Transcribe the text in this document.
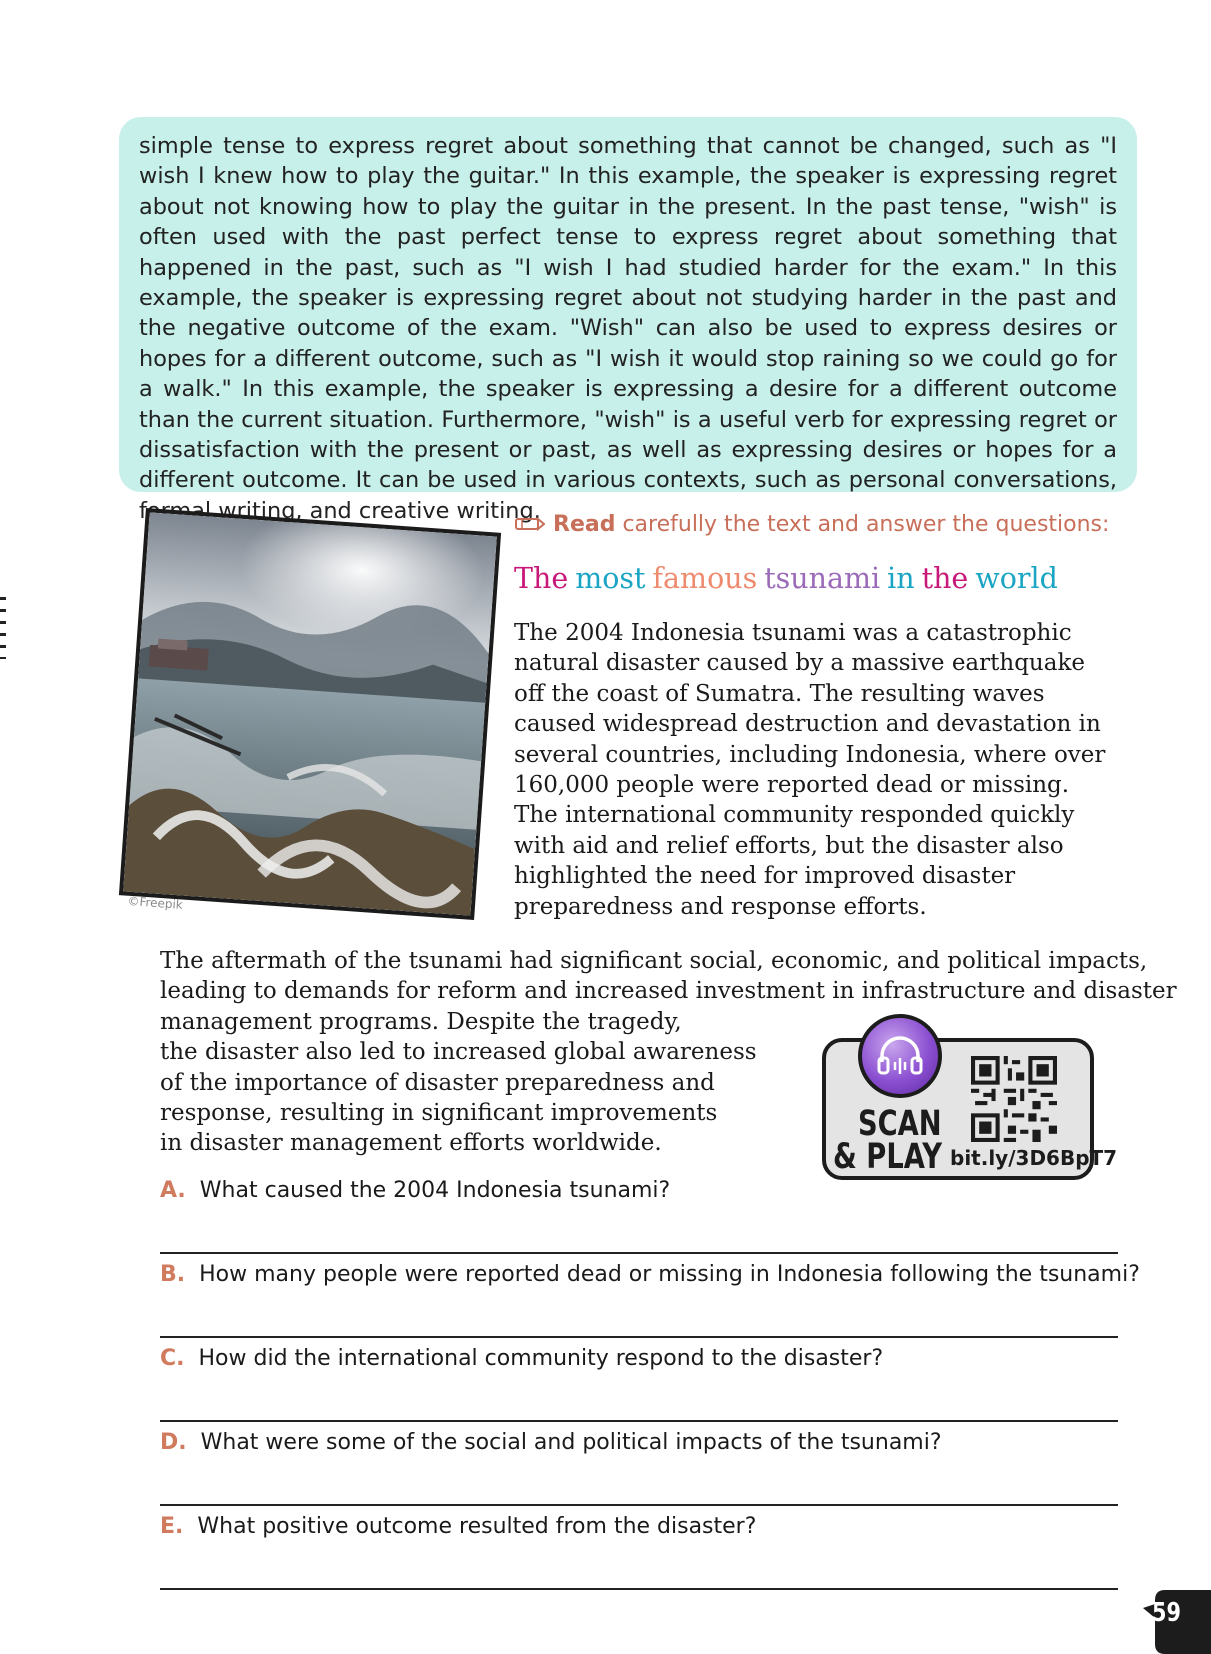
simple tense to express regret about something that cannot be changed, such as "I wish I knew how to play the guitar." In this example, the speaker is expressing regret about not knowing how to play the guitar in the present. In the past tense, "wish" is often used with the past perfect tense to express regret about something that happened in the past, such as "I wish I had studied harder for the exam." In this example, the speaker is expressing regret about not studying harder in the past and the negative outcome of the exam. "Wish" can also be used to express desires or hopes for a different outcome, such as "I wish it would stop raining so we could go for a walk." In this example, the speaker is expressing a desire for a different outcome than the current situation. Furthermore, "wish" is a useful verb for expressing regret or dissatisfaction with the present or past, as well as expressing desires or hopes for a different outcome. It can be used in various contexts, such as personal conversations, formal writing, and creative writing.

©Freepik
Read carefully the text and answer the questions:
The most famous tsunami in the world

The 2004 Indonesia tsunami was a catastrophic natural disaster caused by a massive earthquake off the coast of Sumatra. The resulting waves caused widespread destruction and devastation in several countries, including Indonesia, where over 160,000 people were reported dead or missing. The international community responded quickly with aid and relief efforts, but the disaster also highlighted the need for improved disaster preparedness and response efforts.

The aftermath of the tsunami had significant social, economic, and political impacts,
leading to demands for reform and increased investment in infrastructure and disaster
management programs. Despite the tragedy,
the disaster also led to increased global awareness
of the importance of disaster preparedness and
response, resulting in significant improvements
in disaster management efforts worldwide.	SCAN
& PLAY bit.ly/3D6BpT7
A. What caused the 2004 Indonesia tsunami?
B. How many people were reported dead or missing in Indonesia following the tsunami?
C. How did the international community respond to the disaster?
D. What were some of the social and political impacts of the tsunami?
E. What positive outcome resulted from the disaster?
59
